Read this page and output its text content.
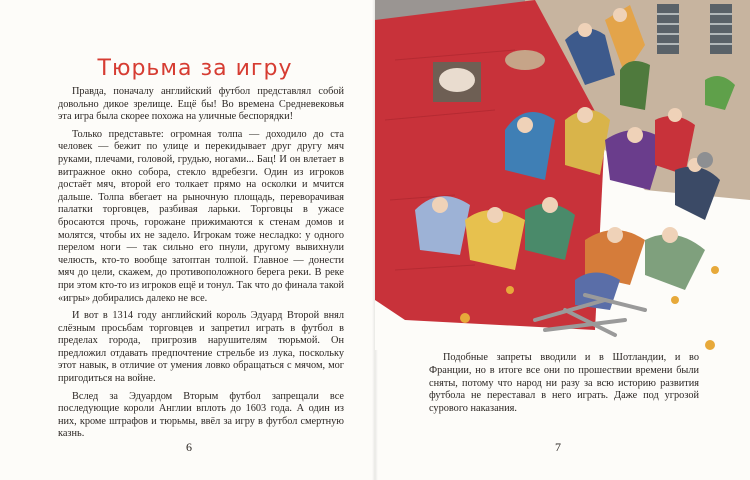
Тюрьма за игру

Правда, поначалу английский футбол представлял собой довольно дикое зрелище. Ещё бы! Во времена Средневековья эта игра была скорее похожа на уличные беспорядки!

Только представьте: огромная толпа — доходило до ста человек — бежит по улице и перекидывает друг другу мяч руками, плечами, головой, грудью, ногами... Бац! И он влетает в витражное окно собора, стекло вдребезги. Один из игроков достаёт мяч, второй его толкает прямо на осколки и мчится дальше. Толпа вбегает на рыночную площадь, переворачивая палатки торговцев, разбивая ларьки. Торговцы в ужасе бросаются прочь, горожане прижимаются к стенам домов и молятся, чтобы их не задело. Игрокам тоже несладко: у одного перелом ноги — так сильно его пнули, другому вывихнули челюсть, кто-то вообще затоптан толпой. Главное — донести мяч до цели, скажем, до противоположного берега реки. В реке при этом кто-то из игроков ещё и тонул. Так что до финала такой «игры» добирались далеко не все.

И вот в 1314 году английский король Эдуард Второй внял слёзным просьбам торговцев и запретил играть в футбол в пределах города, пригрозив нарушителям тюрьмой. Он предложил отдавать предпочтение стрельбе из лука, поскольку этот навык, в отличие от умения ловко обращаться с мячом, мог пригодиться на войне.

Вслед за Эдуардом Вторым футбол запрещали все последующие короли Англии вплоть до 1603 года. А один из них, кроме штрафов и тюрьмы, ввёл за игру в футбол смертную казнь.

6

Подобные запреты вводили и в Шотландии, и во Франции, но в итоге все они по прошествии времени были сняты, потому что народ ни разу за всю историю развития футбола не переставал в него играть. Даже под угрозой сурового наказания.

7
